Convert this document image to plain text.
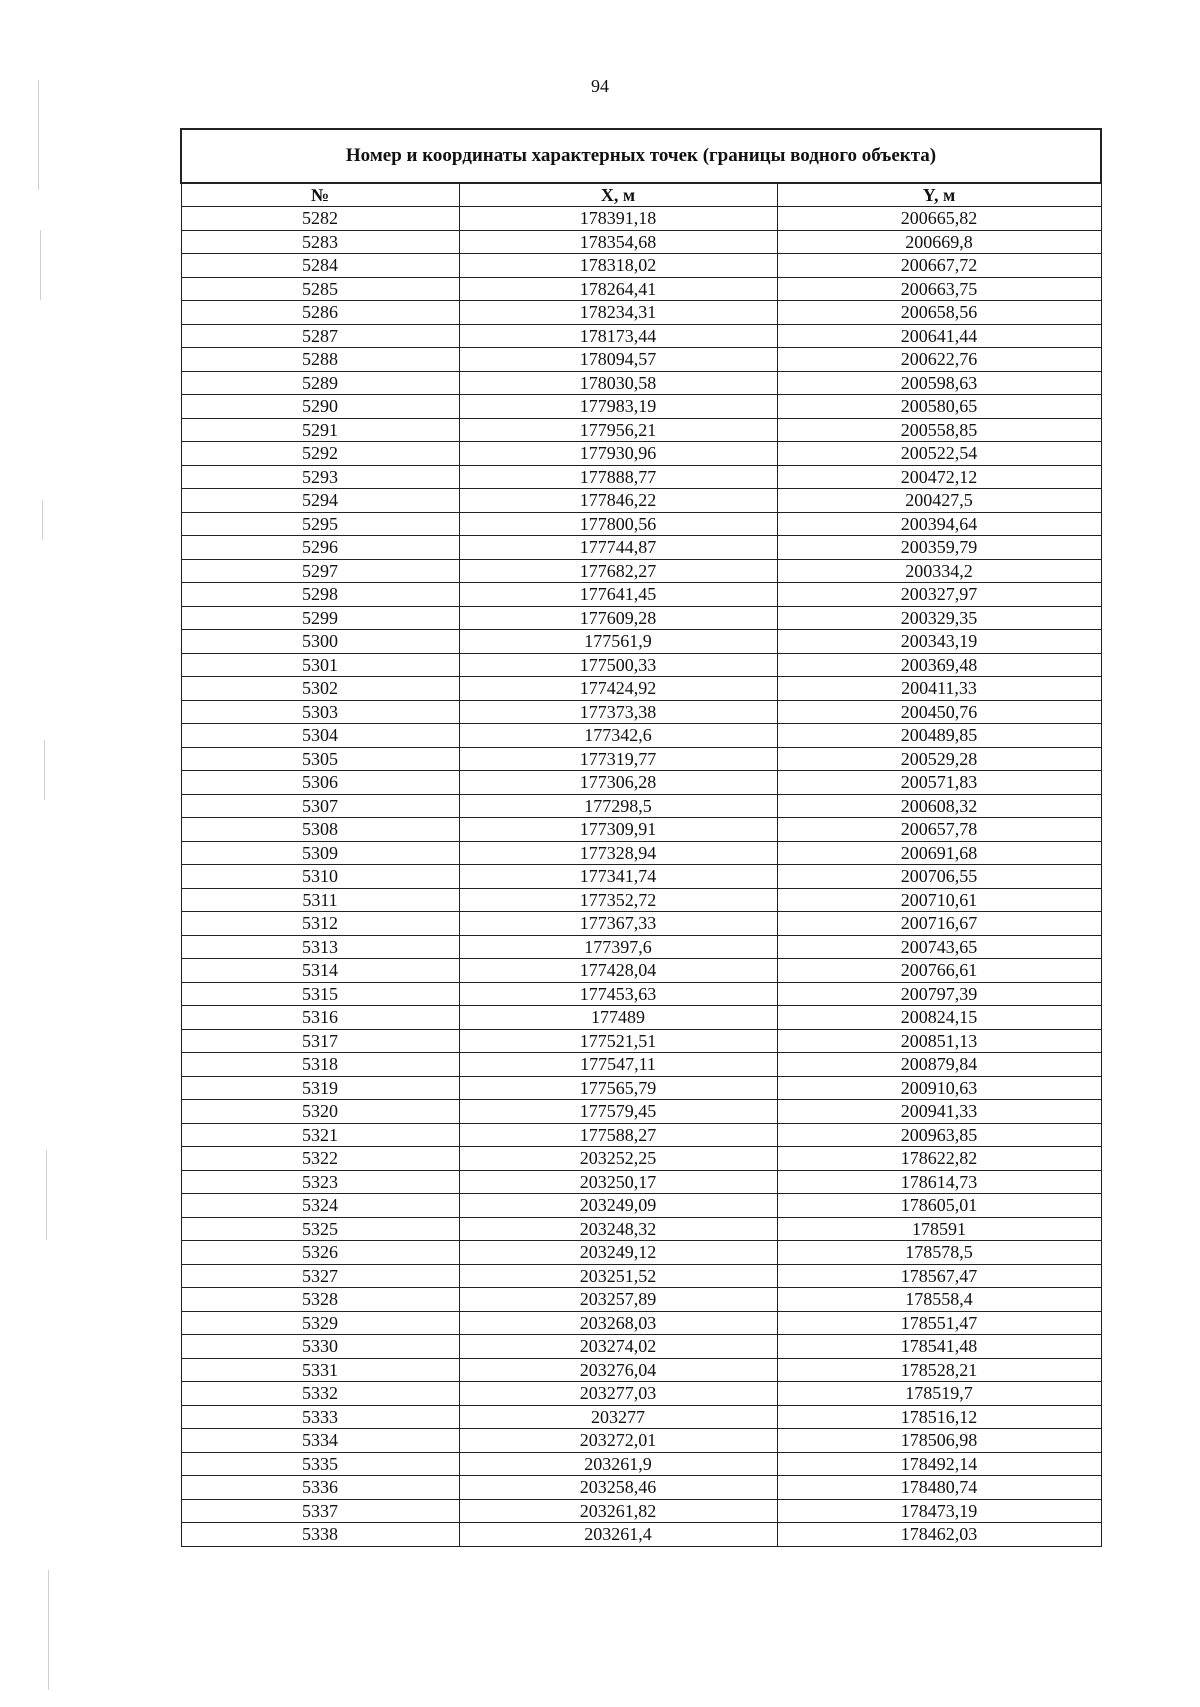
94
Номер и координаты характерных точек (границы водного объекта)		
№	X, м	Y, м
5282	178391,18	200665,82
5283	178354,68	200669,8
5284	178318,02	200667,72
5285	178264,41	200663,75
5286	178234,31	200658,56
5287	178173,44	200641,44
5288	178094,57	200622,76
5289	178030,58	200598,63
5290	177983,19	200580,65
5291	177956,21	200558,85
5292	177930,96	200522,54
5293	177888,77	200472,12
5294	177846,22	200427,5
5295	177800,56	200394,64
5296	177744,87	200359,79
5297	177682,27	200334,2
5298	177641,45	200327,97
5299	177609,28	200329,35
5300	177561,9	200343,19
5301	177500,33	200369,48
5302	177424,92	200411,33
5303	177373,38	200450,76
5304	177342,6	200489,85
5305	177319,77	200529,28
5306	177306,28	200571,83
5307	177298,5	200608,32
5308	177309,91	200657,78
5309	177328,94	200691,68
5310	177341,74	200706,55
5311	177352,72	200710,61
5312	177367,33	200716,67
5313	177397,6	200743,65
5314	177428,04	200766,61
5315	177453,63	200797,39
5316	177489	200824,15
5317	177521,51	200851,13
5318	177547,11	200879,84
5319	177565,79	200910,63
5320	177579,45	200941,33
5321	177588,27	200963,85
5322	203252,25	178622,82
5323	203250,17	178614,73
5324	203249,09	178605,01
5325	203248,32	178591
5326	203249,12	178578,5
5327	203251,52	178567,47
5328	203257,89	178558,4
5329	203268,03	178551,47
5330	203274,02	178541,48
5331	203276,04	178528,21
5332	203277,03	178519,7
5333	203277	178516,12
5334	203272,01	178506,98
5335	203261,9	178492,14
5336	203258,46	178480,74
5337	203261,82	178473,19
5338	203261,4	178462,03
